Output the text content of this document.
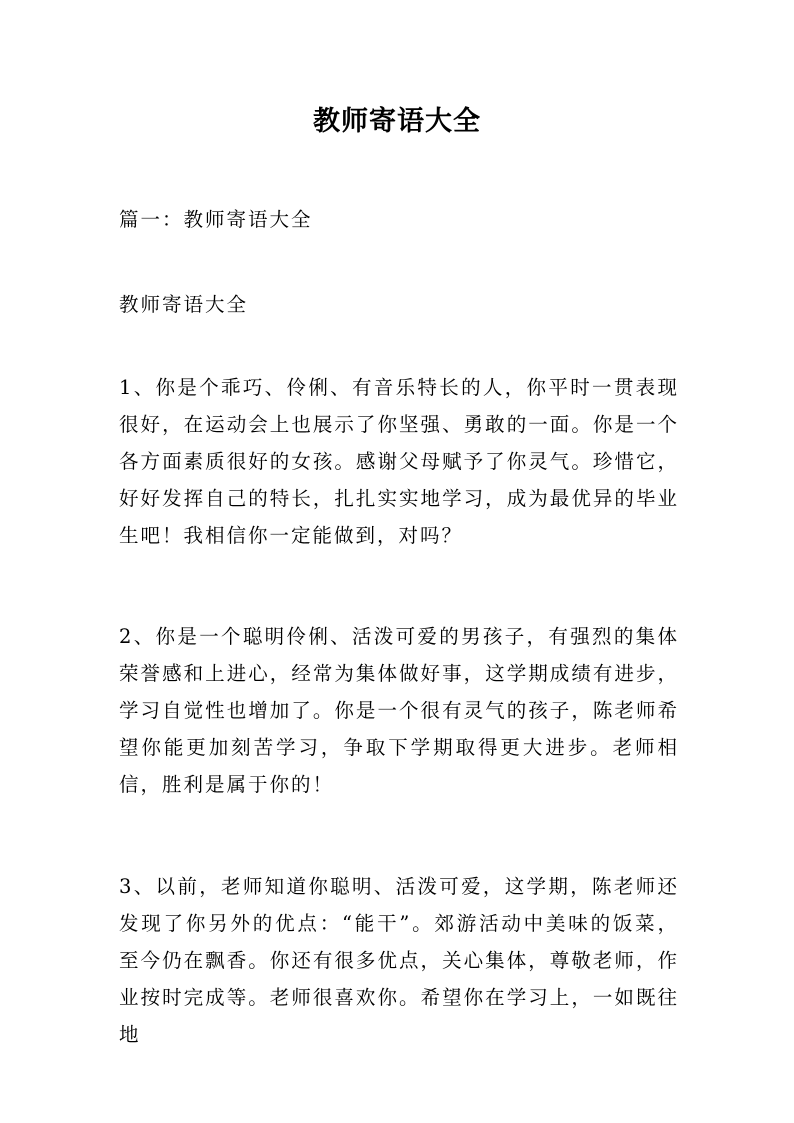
教师寄语大全
篇一：教师寄语大全
教师寄语大全

1、你是个乖巧、伶俐、有音乐特长的人，你平时一贯表现很好，在运动会上也展示了你坚强、勇敢的一面。你是一个各方面素质很好的女孩。感谢父母赋予了你灵气。珍惜它，好好发挥自己的特长，扎扎实实地学习，成为最优异的毕业生吧！我相信你一定能做到，对吗？

2、你是一个聪明伶俐、活泼可爱的男孩子，有强烈的集体荣誉感和上进心，经常为集体做好事，这学期成绩有进步，学习自觉性也增加了。你是一个很有灵气的孩子，陈老师希望你能更加刻苦学习，争取下学期取得更大进步。老师相信，胜利是属于你的！

3、以前，老师知道你聪明、活泼可爱，这学期，陈老师还发现了你另外的优点：“能干”。郊游活动中美味的饭菜，至今仍在飘香。你还有很多优点，关心集体，尊敬老师，作业按时完成等。老师很喜欢你。希望你在学习上，一如既往地
